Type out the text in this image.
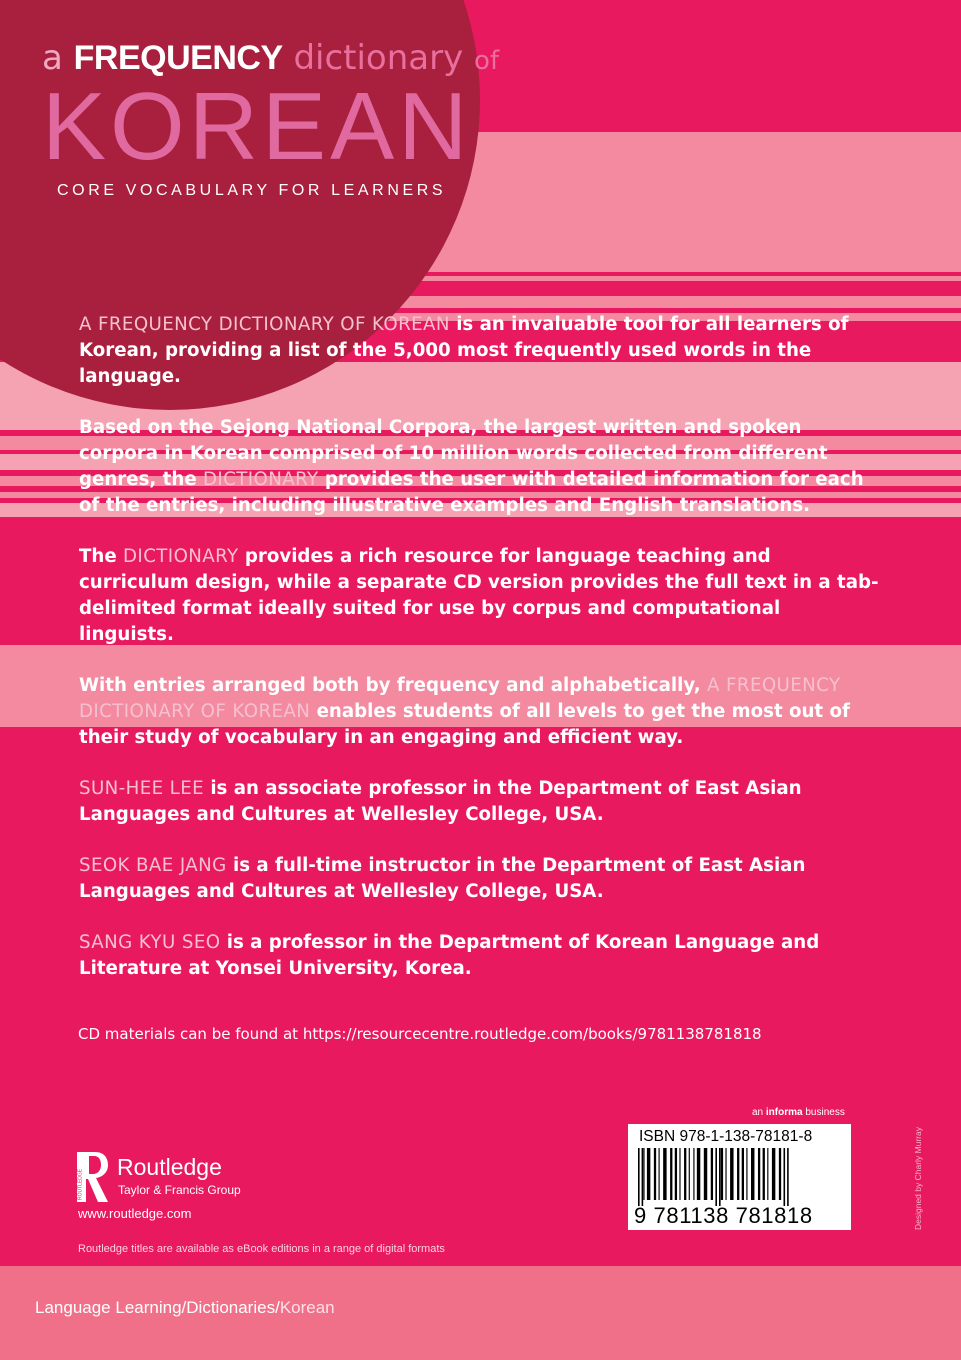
a FREQUENCY dictionary of
KOREAN
CORE VOCABULARY FOR LEARNERS

A FREQUENCY DICTIONARY OF KOREAN is an invaluable tool for all learners of Korean, providing a list of the 5,000 most frequently used words in the language.

Based on the Sejong National Corpora, the largest written and spoken corpora in Korean comprised of 10 million words collected from different genres, the DICTIONARY provides the user with detailed information for each of the entries, including illustrative examples and English translations.

The DICTIONARY provides a rich resource for language teaching and curriculum design, while a separate CD version provides the full text in a tab-delimited format ideally suited for use by corpus and computational linguists.

With entries arranged both by frequency and alphabetically, A FREQUENCY DICTIONARY OF KOREAN enables students of all levels to get the most out of their study of vocabulary in an engaging and efficient way.

SUN-HEE LEE is an associate professor in the Department of East Asian Languages and Cultures at Wellesley College, USA.

SEOK BAE JANG is a full-time instructor in the Department of East Asian Languages and Cultures at Wellesley College, USA.

SANG KYU SEO is a professor in the Department of Korean Language and Literature at Yonsei University, Korea.

CD materials can be found at https://resourcecentre.routledge.com/books/9781138781818
an informa business
ISBN 978-1-138-78181-8
9 781138 781818	Designed by Charly Murray
ROUTLEDGE
Routledge
Taylor & Francis Group
www.routledge.com
Routledge titles are available as eBook editions in a range of digital formats
Language Learning/Dictionaries/Korean
